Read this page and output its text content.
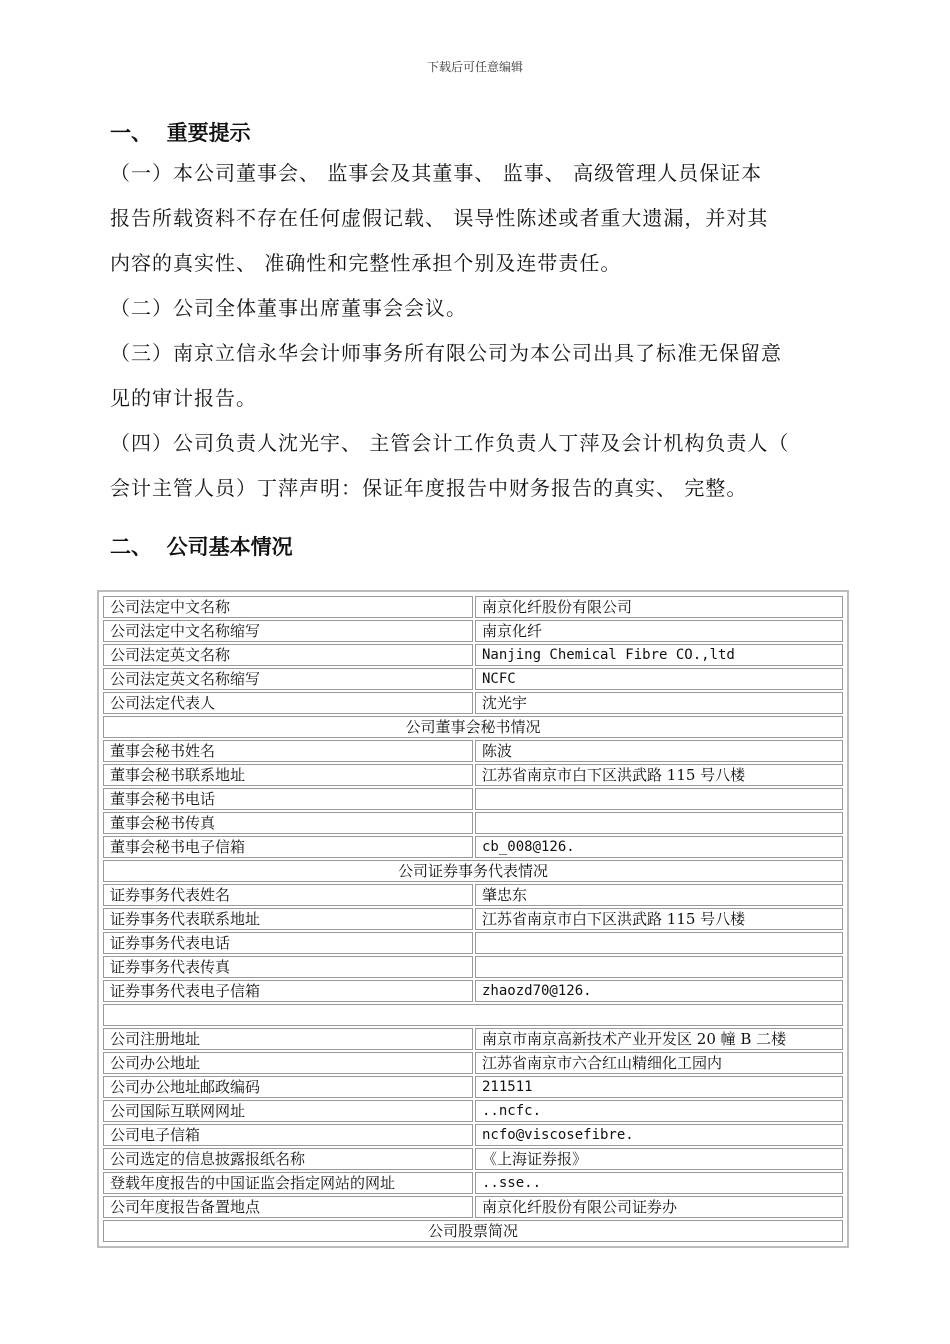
下载后可任意编辑
一、  重要提示
（一）本公司董事会、 监事会及其董事、 监事、 高级管理人员保证本
报告所载资料不存在任何虚假记载、 误导性陈述或者重大遗漏，并对其
内容的真实性、 准确性和完整性承担个别及连带责任。
（二）公司全体董事出席董事会会议。
（三）南京立信永华会计师事务所有限公司为本公司出具了标准无保留意
见的审计报告。
（四）公司负责人沈光宇、 主管会计工作负责人丁萍及会计机构负责人（
会计主管人员）丁萍声明：保证年度报告中财务报告的真实、 完整。
二、  公司基本情况
公司法定中文名称	南京化纤股份有限公司
公司法定中文名称缩写	南京化纤
公司法定英文名称	Nanjing Chemical Fibre CO.,ltd
公司法定英文名称缩写	NCFC
公司法定代表人	沈光宇
公司董事会秘书情况	
董事会秘书姓名	陈波
董事会秘书联系地址	江苏省南京市白下区洪武路 115 号八楼
董事会秘书电话	
董事会秘书传真	
董事会秘书电子信箱	cb_008@126.
公司证券事务代表情况	
证券事务代表姓名	肇忠东
证券事务代表联系地址	江苏省南京市白下区洪武路 115 号八楼
证券事务代表电话	
证券事务代表传真	
证券事务代表电子信箱	zhaozd70@126.

公司注册地址	南京市南京高新技术产业开发区 20 幢 B 二楼
公司办公地址	江苏省南京市六合红山精细化工园内
公司办公地址邮政编码	211511
公司国际互联网网址	..ncfc.
公司电子信箱	ncfo@viscosefibre.
公司选定的信息披露报纸名称	《上海证券报》
登载年度报告的中国证监会指定网站的网址	..sse..
公司年度报告备置地点	南京化纤股份有限公司证券办
公司股票简况	
